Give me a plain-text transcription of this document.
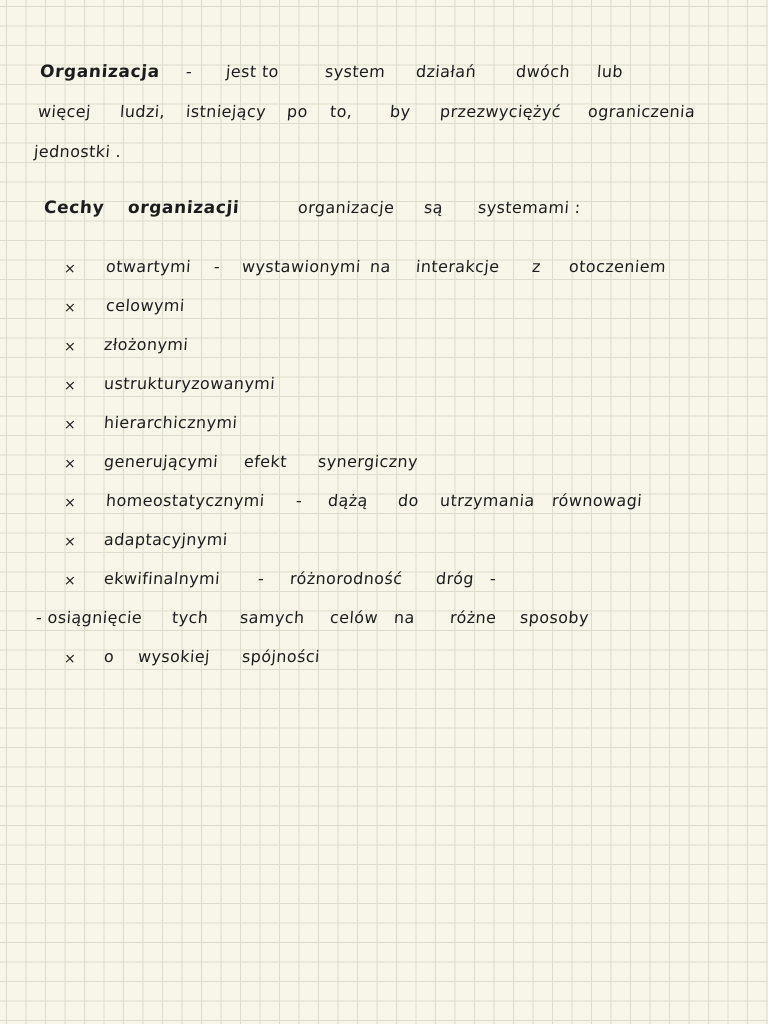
Organizacja - jest to	system działań dwóch lub
więcej ludzi, istniejący po to, by przezwyciężyć ograniczenia
jednostki .
Cechy organizacji	organizacje są systemami :
× otwartymi - wystawionymi na interakcje z otoczeniem
× celowymi
× złożonymi
× ustrukturyzowanymi
× hierarchicznymi
× generującymi efekt synergiczny
× homeostatycznymi - dążą do utrzymania równowagi
× adaptacyjnymi
× ekwifinalnymi - różnorodność dróg -
- osiągnięcie tych samych celów na różne sposoby
× o wysokiej spójności
